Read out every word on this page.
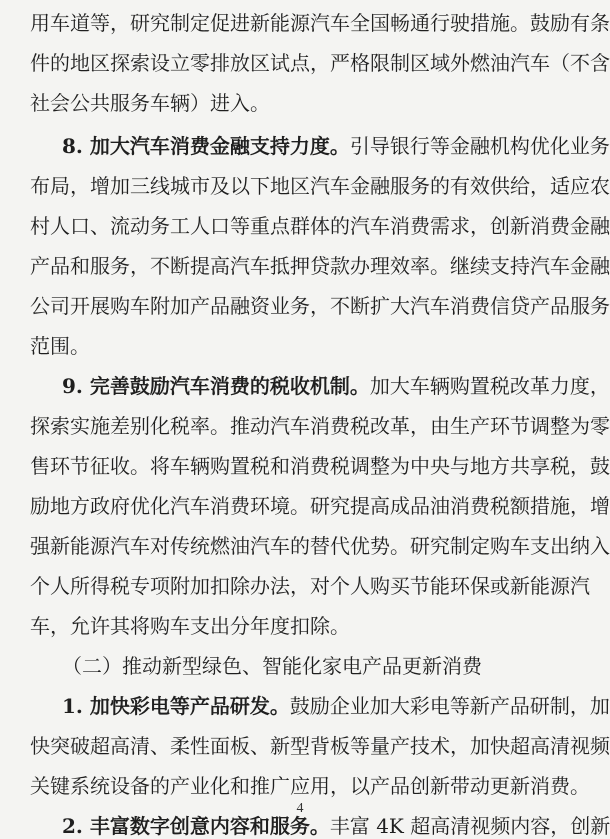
用车道等，研究制定促进新能源汽车全国畅通行驶措施。鼓励有条
件的地区探索设立零排放区试点，严格限制区域外燃油汽车（不含
社会公共服务车辆）进入。
8. 加大汽车消费金融支持力度。引导银行等金融机构优化业务
布局，增加三线城市及以下地区汽车金融服务的有效供给，适应农
村人口、流动务工人口等重点群体的汽车消费需求，创新消费金融
产品和服务，不断提高汽车抵押贷款办理效率。继续支持汽车金融
公司开展购车附加产品融资业务，不断扩大汽车消费信贷产品服务
范围。
9. 完善鼓励汽车消费的税收机制。加大车辆购置税改革力度，
探索实施差别化税率。推动汽车消费税改革，由生产环节调整为零
售环节征收。将车辆购置税和消费税调整为中央与地方共享税，鼓
励地方政府优化汽车消费环境。研究提高成品油消费税额措施，增
强新能源汽车对传统燃油汽车的替代优势。研究制定购车支出纳入
个人所得税专项附加扣除办法，对个人购买节能环保或新能源汽
车，允许其将购车支出分年度扣除。
（二）推动新型绿色、智能化家电产品更新消费
1. 加快彩电等产品研发。鼓励企业加大彩电等新产品研制，加
快突破超高清、柔性面板、新型背板等量产技术，加快超高清视频
关键系统设备的产业化和推广应用，以产品创新带动更新消费。
2. 丰富数字创意内容和服务。丰富 4K 超高清视频内容，创新
4
